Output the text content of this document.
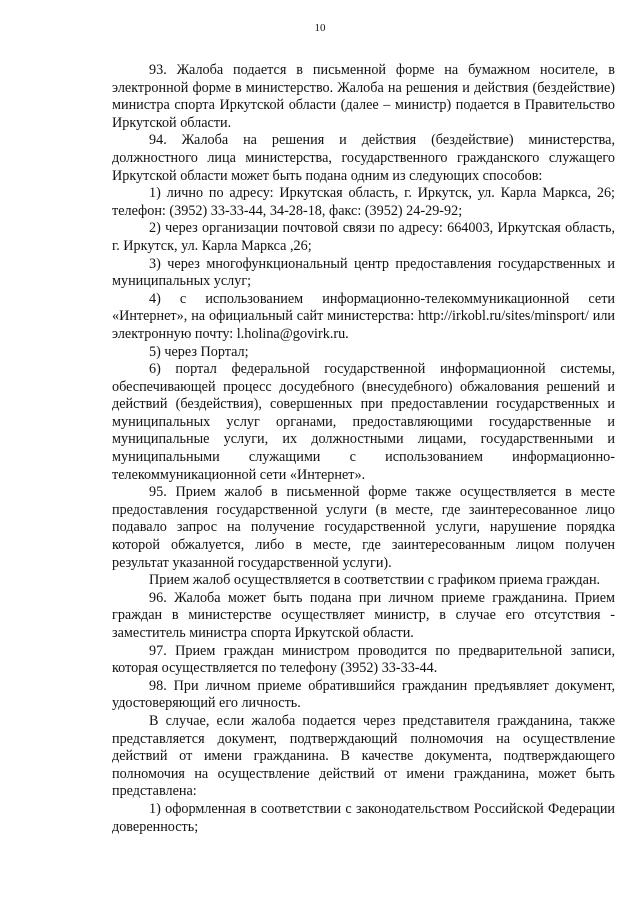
10

93. Жалоба подается в письменной форме на бумажном носителе, в электронной форме в министерство. Жалоба на решения и действия (бездействие) министра спорта Иркутской области (далее – министр) подается в Правительство Иркутской области.

94. Жалоба на решения и действия (бездействие) министерства, должностного лица министерства, государственного гражданского служащего Иркутской области может быть подана одним из следующих способов:

1) лично по адресу: Иркутская область, г. Иркутск, ул. Карла Маркса, 26; телефон: (3952) 33-33-44, 34-28-18, факс: (3952) 24-29-92;

2) через организации почтовой связи по адресу: 664003, Иркутская область, г. Иркутск, ул. Карла Маркса ,26;

3) через многофункциональный центр предоставления государственных и муниципальных услуг;

4) с использованием информационно-телекоммуникационной сети «Интернет», на официальный сайт министерства: http://irkobl.ru/sites/minsport/ или электронную почту: l.holina@govirk.ru.

5) через Портал;

6) портал федеральной государственной информационной системы, обеспечивающей процесс досудебного (внесудебного) обжалования решений и действий (бездействия), совершенных при предоставлении государственных и муниципальных услуг органами, предоставляющими государственные и муниципальные услуги, их должностными лицами, государственными и муниципальными служащими с использованием информационно-телекоммуникационной сети «Интернет».

95. Прием жалоб в письменной форме также осуществляется в месте предоставления государственной услуги (в месте, где заинтересованное лицо подавало запрос на получение государственной услуги, нарушение порядка которой обжалуется, либо в месте, где заинтересованным лицом получен результат указанной государственной услуги).

Прием жалоб осуществляется в соответствии с графиком приема граждан.

96. Жалоба может быть подана при личном приеме гражданина. Прием граждан в министерстве осуществляет министр, в случае его отсутствия - заместитель министра спорта Иркутской области.

97. Прием граждан министром проводится по предварительной записи, которая осуществляется по телефону (3952) 33-33-44.

98. При личном приеме обратившийся гражданин предъявляет документ, удостоверяющий его личность.

В случае, если жалоба подается через представителя гражданина, также представляется документ, подтверждающий полномочия на осуществление действий от имени гражданина. В качестве документа, подтверждающего полномочия на осуществление действий от имени гражданина, может быть представлена:

1) оформленная в соответствии с законодательством Российской Федерации доверенность;
